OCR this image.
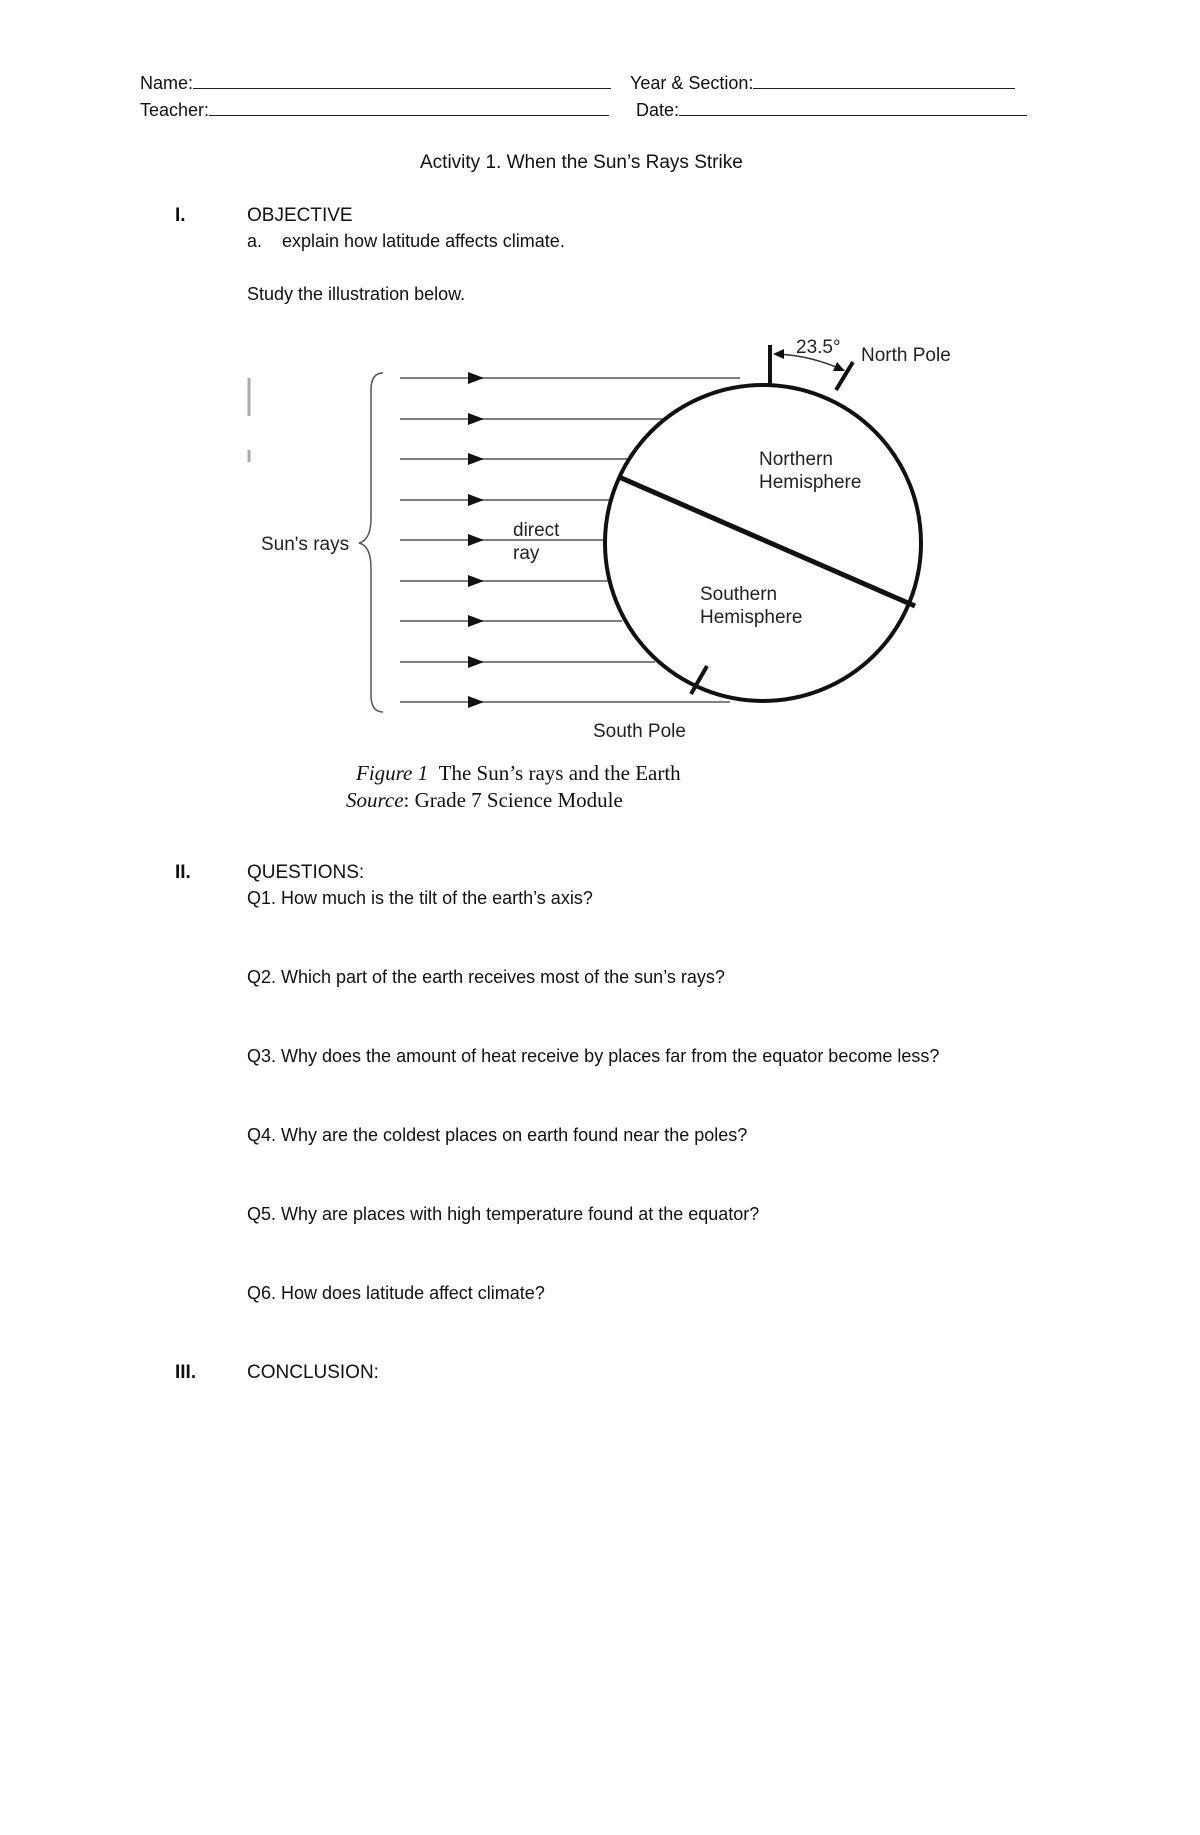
Name:	Year & Section:
Teacher:	Date:
Activity 1. When the Sun’s Rays Strike
I.	OBJECTIVE
a. explain how latitude affects climate.
Study the illustration below.
23.5° North Pole
Northern
Hemisphere
Southern
Hemisphere
direct
ray
Sun's rays
South Pole
Figure 1 The Sun’s rays and the Earth
Source: Grade 7 Science Module
II.	QUESTIONS:
Q1. How much is the tilt of the earth’s axis?
Q2. Which part of the earth receives most of the sun’s rays?
Q3. Why does the amount of heat receive by places far from the equator become less?
Q4. Why are the coldest places on earth found near the poles?
Q5. Why are places with high temperature found at the equator?
Q6. How does latitude affect climate?
III.	CONCLUSION:
